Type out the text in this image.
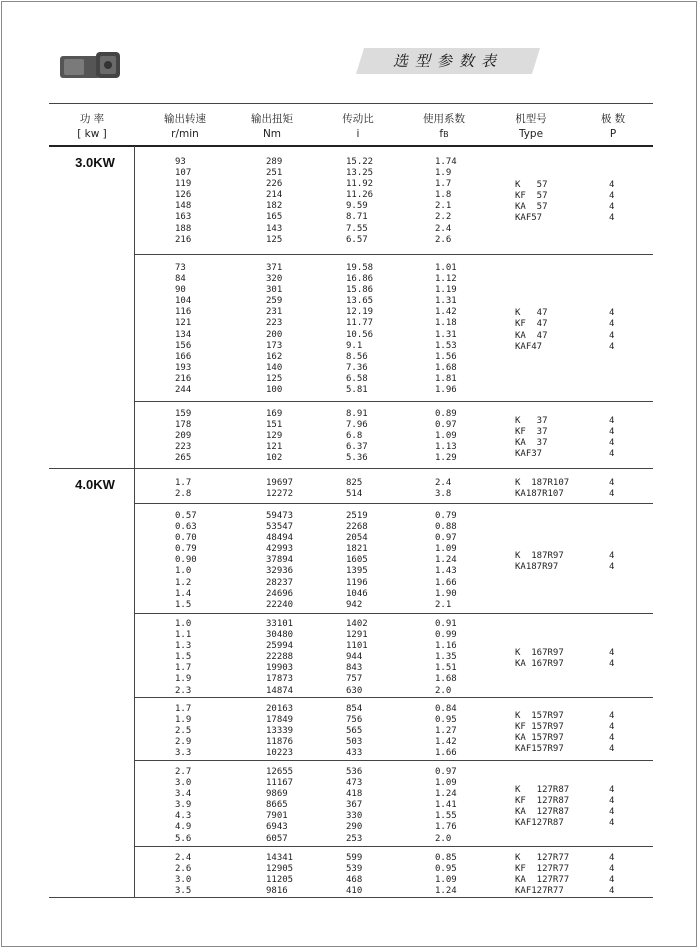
选型参数表
功 率
[ kw ]
输出转速
r/min
输出扭矩
Nm
传动比
i
使用系数
fB
机型号
Type
极 数
P
3.0KW	93
107
119
126
148
163
188
216
289
251
226
214
182
165
143
125
15.22
13.25
11.92
11.26
9.59
8.71
7.55
6.57
1.74
1.9
1.7
1.8
2.1
2.2
2.4
2.6
K   57
KF  57
KA  57
KAF57
4
4
4
4
73
84
90
104
116
121
134
156
166
193
216
244
371
320
301
259
231
223
200
173
162
140
125
100
19.58
16.86
15.86
13.65
12.19
11.77
10.56
9.1
8.56
7.36
6.58
5.81
1.01
1.12
1.19
1.31
1.42
1.18
1.31
1.53
1.56
1.68
1.81
1.96
K   47
KF  47
KA  47
KAF47
4
4
4
4
159
178
209
223
265
169
151
129
121
102
8.91
7.96
6.8
6.37
5.36
0.89
0.97
1.09
1.13
1.29
K   37
KF  37
KA  37
KAF37
4
4
4
4
4.0KW	1.7
2.8
19697
12272
825
514
2.4
3.8
K  187R107
KA187R107
4
4
0.57
0.63
0.70
0.79
0.90
1.0
1.2
1.4
1.5
59473
53547
48494
42993
37894
32936
28237
24696
22240
2519
2268
2054
1821
1605
1395
1196
1046
942
0.79
0.88
0.97
1.09
1.24
1.43
1.66
1.90
2.1
K  187R97
KA187R97
4
4
1.0
1.1
1.3
1.5
1.7
1.9
2.3
33101
30480
25994
22288
19903
17873
14874
1402
1291
1101
944
843
757
630
0.91
0.99
1.16
1.35
1.51
1.68
2.0
K  167R97
KA 167R97
4
4
1.7
1.9
2.5
2.9
3.3
20163
17849
13339
11876
10223
854
756
565
503
433
0.84
0.95
1.27
1.42
1.66
K  157R97
KF 157R97
KA 157R97
KAF157R97
4
4
4
4
2.7
3.0
3.4
3.9
4.3
4.9
5.6
12655
11167
9869
8665
7901
6943
6057
536
473
418
367
330
290
253
0.97
1.09
1.24
1.41
1.55
1.76
2.0
K   127R87
KF  127R87
KA  127R87
KAF127R87
4
4
4
4
2.4
2.6
3.0
3.5
14341
12905
11205
9816
599
539
468
410
0.85
0.95
1.09
1.24
K   127R77
KF  127R77
KA  127R77
KAF127R77
4
4
4
4
